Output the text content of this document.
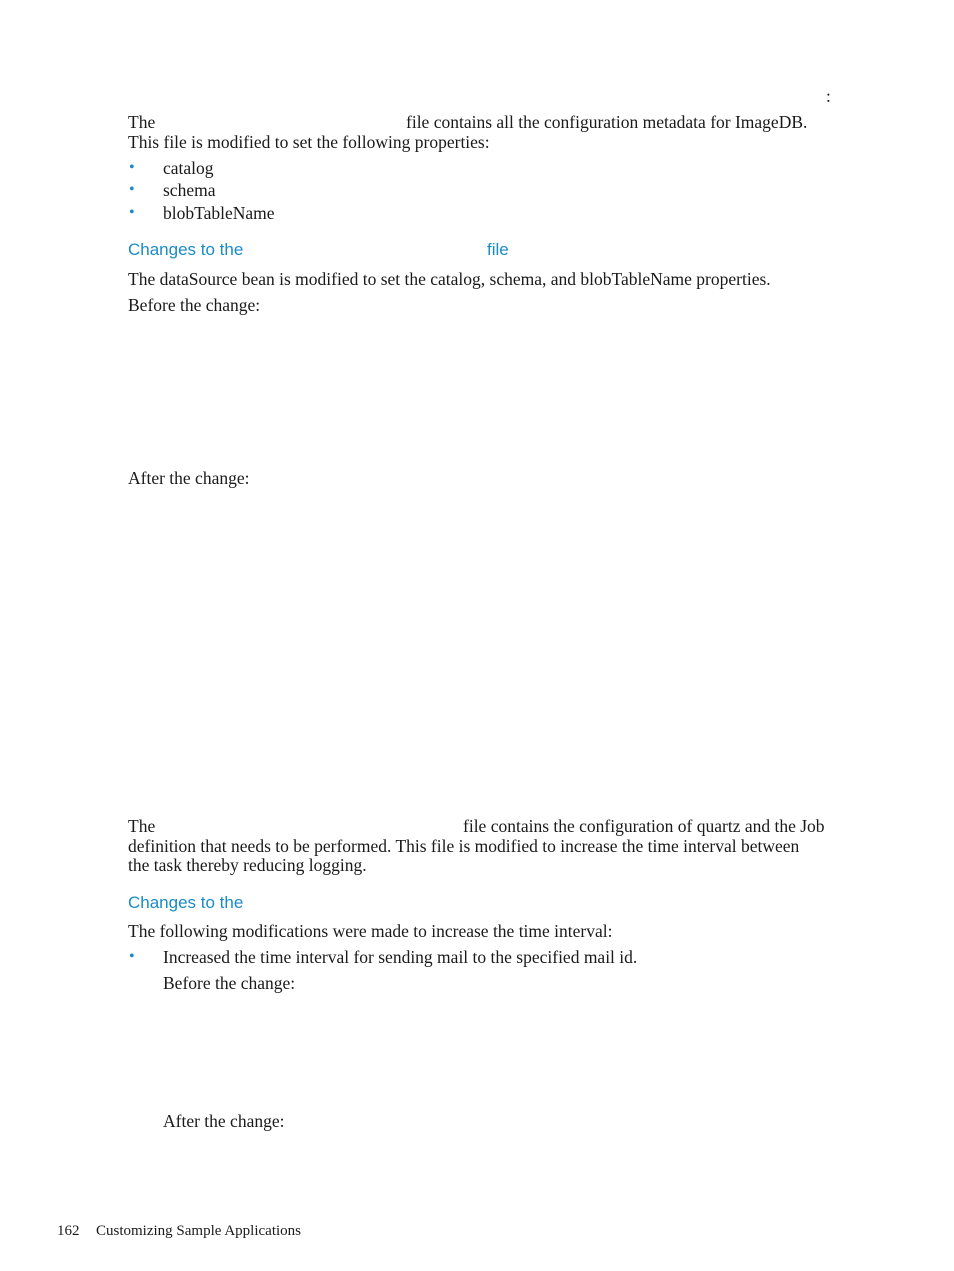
:
The	file contains all the configuration metadata for ImageDB.
This file is modified to set the following properties:
• catalog
• schema
• blobTableName
Changes to the	file
The dataSource bean is modified to set the catalog, schema, and blobTableName properties.
Before the change:
After the change:
The	file contains the configuration of quartz and the Job
definition that needs to be performed. This file is modified to increase the time interval between
the task thereby reducing logging.
Changes to the
The following modifications were made to increase the time interval:
• Increased the time interval for sending mail to the specified mail id.
Before the change:
After the change:
162 Customizing Sample Applications
